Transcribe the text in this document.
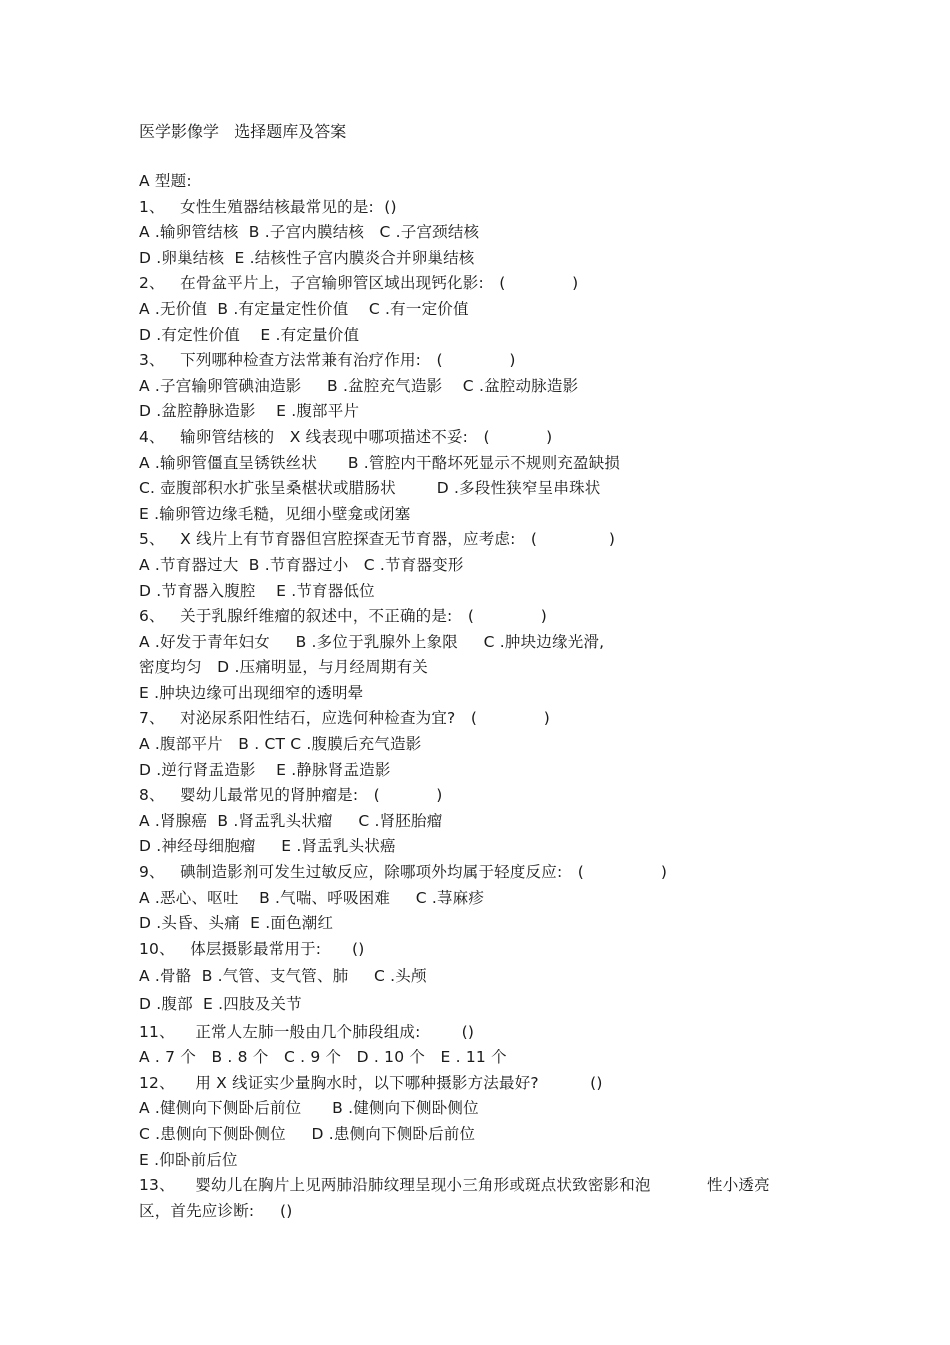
医学影像学   选择题库及答案
A 型题:
1、   女性生殖器结核最常见的是:  ()
A .输卵管结核  B .子宫内膜结核   C .子宫颈结核
D .卵巢结核  E .结核性子宫内膜炎合并卵巢结核
2、   在骨盆平片上，子宫输卵管区域出现钙化影:   (             )
A .无价值  B .有定量定性价值    C .有一定价值
D .有定性价值    E .有定量价值
3、   下列哪种检查方法常兼有治疗作用:   (             )
A .子宫输卵管碘油造影     B .盆腔充气造影    C .盆腔动脉造影
D .盆腔静脉造影    E .腹部平片
4、   输卵管结核的   X 线表现中哪项描述不妥:   (           )
A .输卵管僵直呈锈铁丝状      B .管腔内干酪坏死显示不规则充盈缺损
C. 壶腹部积水扩张呈桑椹状或腊肠状        D .多段性狭窄呈串珠状
E .输卵管边缘毛糙，见细小壁龛或闭塞
5、   X 线片上有节育器但宫腔探查无节育器，应考虑:   (              )
A .节育器过大  B .节育器过小   C .节育器变形
D .节育器入腹腔    E .节育器低位
6、   关于乳腺纤维瘤的叙述中，不正确的是:   (             )
A .好发于青年妇女     B .多位于乳腺外上象限     C .肿块边缘光滑,
密度均匀   D .压痛明显，与月经周期有关
E .肿块边缘可出现细窄的透明晕
7、   对泌尿系阳性结石，应选何种检查为宜?   (             )
A .腹部平片   B . CT C .腹膜后充气造影
D .逆行肾盂造影    E .静脉肾盂造影
8、   婴幼儿最常见的肾肿瘤是:   (           )
A .肾腺癌  B .肾盂乳头状瘤     C .肾胚胎瘤
D .神经母细胞瘤     E .肾盂乳头状癌
9、   碘制造影剂可发生过敏反应，除哪项外均属于轻度反应:   (               )
A .恶心、呕吐    B .气喘、呼吸困难     C .荨麻疹
D .头昏、头痛  E .面色潮红
10、   体层摄影最常用于:      ()
A .骨骼  B .气管、支气管、肺     C .头颅
D .腹部  E .四肢及关节
11、    正常人左肺一般由几个肺段组成:        ()
A . 7 个   B . 8 个   C . 9 个   D . 10 个   E . 11 个
12、    用 X 线证实少量胸水时，以下哪种摄影方法最好?          ()
A .健侧向下侧卧后前位      B .健侧向下侧卧侧位
C .患侧向下侧卧侧位     D .患侧向下侧卧后前位
E .仰卧前后位
13、    婴幼儿在胸片上见两肺沿肺纹理呈现小三角形或斑点状致密影和泡           性小透亮
区，首先应诊断:     ()
